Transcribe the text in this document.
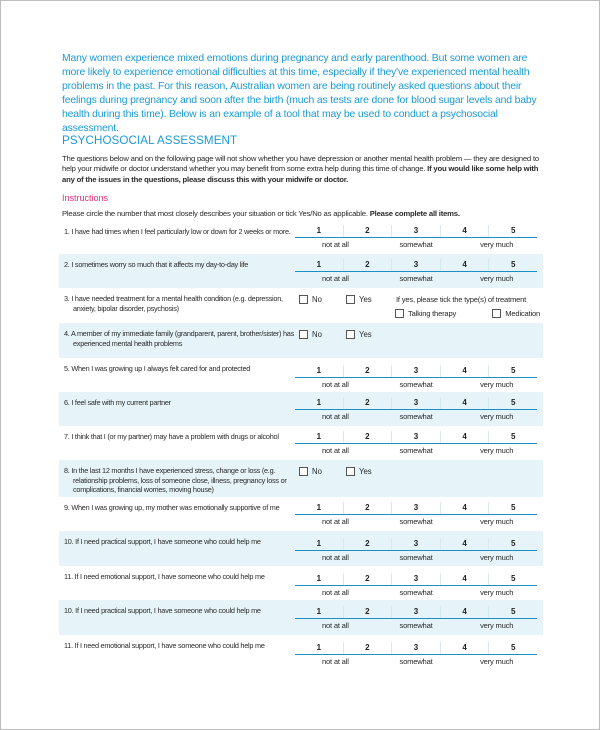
Many women experience mixed emotions during pregnancy and early parenthood. But some women are more likely to experience emotional difficulties at this time, especially if they've experienced mental health problems in the past. For this reason, Australian women are being routinely asked questions about their feelings during pregnancy and soon after the birth (much as tests are done for blood sugar levels and baby health during this time). Below is an example of a tool that may be used to conduct a psychosocial assessment.

PSYCHOSOCIAL ASSESSMENT

The questions below and on the following page will not show whether you have depression or another mental health problem — they are designed to help your midwife or doctor understand whether you may benefit from some extra help during this time of change. If you would like some help with any of the issues in the questions, please discuss this with your midwife or doctor.

Instructions

Please circle the number that most closely describes your situation or tick Yes/No as applicable. Please complete all items.

1. I have had times when I feel particularly low or down for 2 weeks or more.	1	2	3	4	5
not at all	somewhat	very much
2. I sometimes worry so much that it affects my day-to-day life	1	2	3	4	5
not at all	somewhat	very much
3. I have needed treatment for a mental health condition (e.g. depression, anxiety, bipolar disorder, psychosis)
No	Yes	If yes, please tick the type(s) of treatment
Talking therapy	Medication
4. A member of my immediate family (grandparent, parent, brother/sister) has experienced mental health problems
No	Yes
5. When I was growing up I always felt cared for and protected	1	2	3	4	5
not at all	somewhat	very much
6. I feel safe with my current partner	1	2	3	4	5
not at all	somewhat	very much
7. I think that I (or my partner) may have a problem with drugs or alcohol	1	2	3	4	5
not at all	somewhat	very much
8. In the last 12 months I have experienced stress, change or loss (e.g. relationship problems, loss of someone close, illness, pregnancy loss or complications, financial worries, moving house)
No	Yes
9. When I was growing up, my mother was emotionally supportive of me	1	2	3	4	5
not at all	somewhat	very much
10. If I need practical support, I have someone who could help me	1	2	3	4	5
not at all	somewhat	very much
11. If I need emotional support, I have someone who could help me	1	2	3	4	5
not at all	somewhat	very much
10. If I need practical support, I have someone who could help me	1	2	3	4	5
not at all	somewhat	very much
11. If I need emotional support, I have someone who could help me	1	2	3	4	5
not at all	somewhat	very much
